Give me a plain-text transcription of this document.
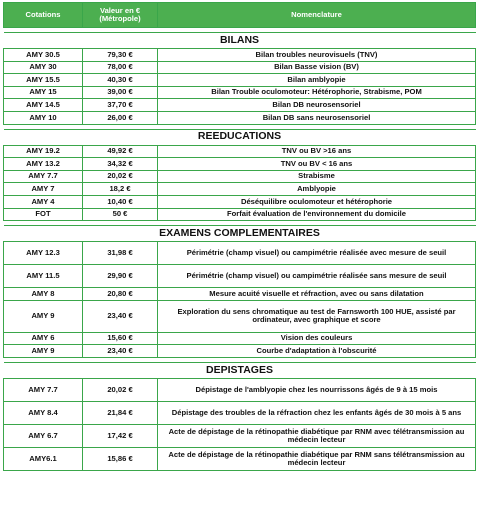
Cotations	Valeur en € (Métropole)	Nomenclature

BILANS		
AMY 30.5	79,30 €	Bilan troubles neurovisuels (TNV)
AMY 30	78,00 €	Bilan Basse vision (BV)
AMY 15.5	40,30 €	Bilan amblyopie
AMY 15	39,00 €	Bilan Trouble oculomoteur: Hétérophorie, Strabisme, POM
AMY 14.5	37,70 €	Bilan DB neurosensoriel
AMY 10	26,00 €	Bilan DB sans neurosensoriel

REEDUCATIONS		
AMY 19.2	49,92 €	TNV ou BV >16 ans
AMY 13.2	34,32 €	TNV ou BV < 16 ans
AMY 7.7	20,02 €	Strabisme
AMY 7	18,2 €	Amblyopie
AMY 4	10,40 €	Déséquilibre oculomoteur et hétérophorie
FOT	50 €	Forfait évaluation de l'environnement du domicile

EXAMENS COMPLEMENTAIRES		
AMY 12.3	31,98 €	Périmétrie (champ visuel) ou campimétrie réalisée avec mesure de seuil
AMY 11.5	29,90 €	Périmétrie (champ visuel) ou campimétrie réalisée sans mesure de seuil
AMY 8	20,80 €	Mesure acuité visuelle et réfraction, avec ou sans dilatation
AMY 9	23,40 €	Exploration du sens chromatique au test de Farnsworth 100 HUE, assisté par ordinateur, avec graphique et score
AMY 6	15,60 €	Vision des couleurs
AMY 9	23,40 €	Courbe d'adaptation à l'obscurité

DEPISTAGES		
AMY 7.7	20,02 €	Dépistage de l'amblyopie chez les nourrissons âgés de 9 à 15 mois
AMY 8.4	21,84 €	Dépistage des troubles de la réfraction chez les enfants âgés de 30 mois à 5 ans
AMY 6.7	17,42 €	Acte de dépistage de la rétinopathie diabétique par RNM avec télétransmission au médecin lecteur
AMY6.1	15,86 €	Acte de dépistage de la rétinopathie diabétique par RNM sans télétransmission au médecin lecteur
